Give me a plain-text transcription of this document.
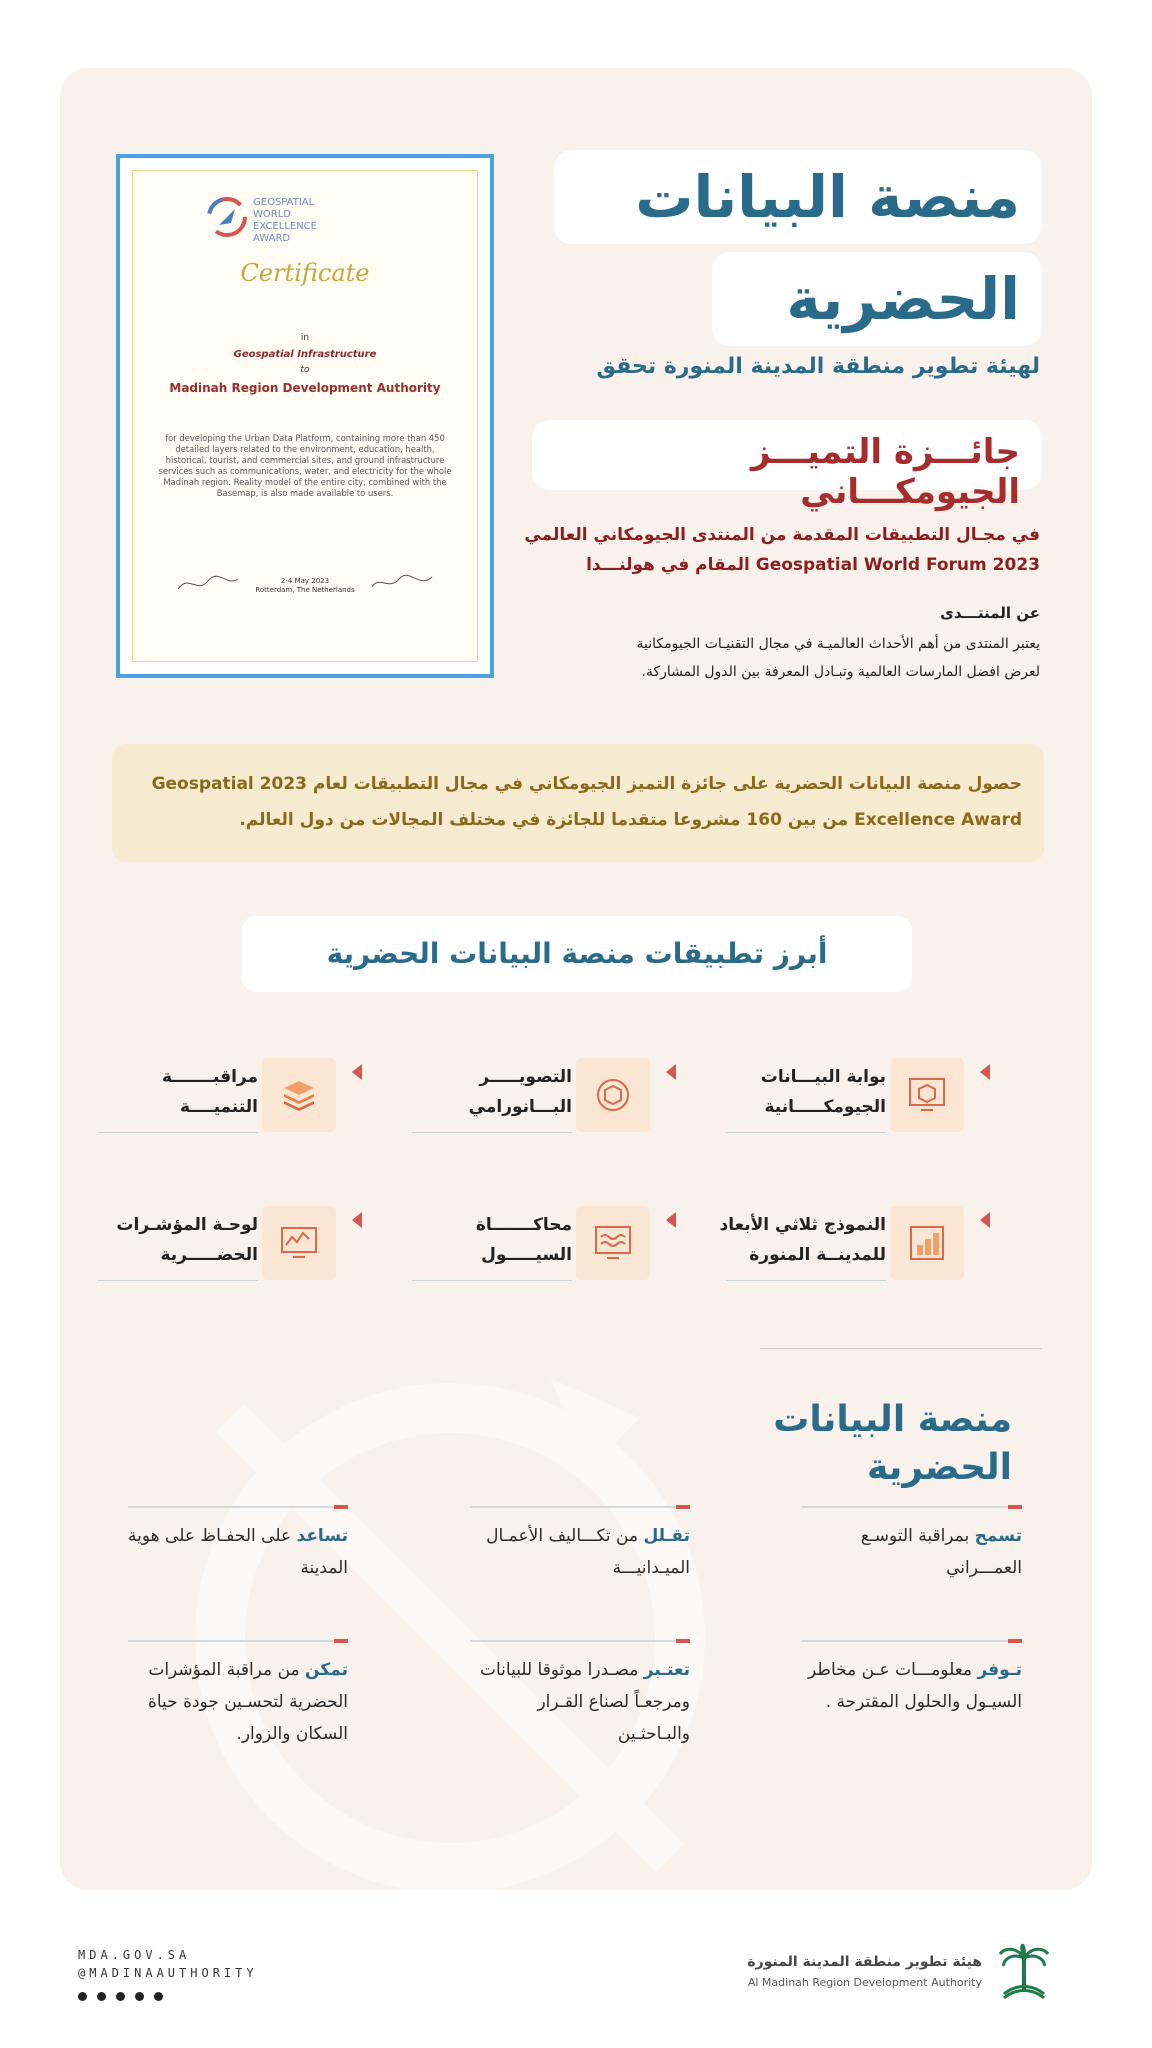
GEOSPATIAL
WORLD
EXCELLENCE
AWARD
Certificate
in
Geospatial Infrastructure
to
Madinah Region Development Authority
for developing the Urban Data Platform, containing more than 450 detailed layers related to the environment, education, health, historical, tourist, and commercial sites, and ground infrastructure services such as communications, water, and electricity for the whole Madinah region. Reality model of the entire city, combined with the Basemap, is also made available to users.
2-4 May 2023
Rotterdam, The Netherlands
منصة البيانات
الحضرية
لهيئة تطوير منطقة المدينة المنورة تحقق
جائـــزة التميـــز الجيومكـــاني
في مجـال التطبيقات المقدمة من المنتدى الجيومكاني العالمي
Geospatial World Forum 2023 المقام في هولنـــدا
عن المنتـــدى
يعتبر المنتدى من أهم الأحداث العالميـة في مجال التقنيـات الجيومكانية
لعرض افضل المارسات العالمية وتبـادل المعرفة بين الدول المشاركة.
حصول منصة البيانات الحضرية على جائزة التميز الجيومكاني في مجال التطبيقات لعام Geospatial 2023
Excellence Award من بين 160 مشروعا متقدما للجائزة في مختلف المجالات من دول العالم.
أبرز تطبيقات منصة البيانات الحضرية
بوابة البيـــانات
الجيومكـــــانية
التصويـــــر
البـــانورامي
مراقبـــــــة
التنميــــة
النموذج ثلاثي الأبعاد
للمدينــة المنورة
محاكـــــــاة
السيـــــول
لوحـة المؤشـرات
الحضـــــرية
منصة البيانات
الحضرية
تسمح بمراقبة التوسـع العمـــراني
تقـلل من تكـــاليف الأعمـال الميـدانيـــة
تساعد على الحفـاظ على هوية المدينة
تـوفر معلومـــات عـن مخاطر السيـول والحلول المقترحة .
تعتـبر مصـدرا موثوقا للبيانات ومرجعـاً لصناع القـرار والبـاحثـين
تمكن من مراقبة المؤشرات الحضرية لتحسـين جودة حياة السكان والزوار.
MDA.GOV.SA
@MADINAAUTHORITY

هيئة تطوير منطقة المدينة المنورة
Al Madinah Region Development Authority
